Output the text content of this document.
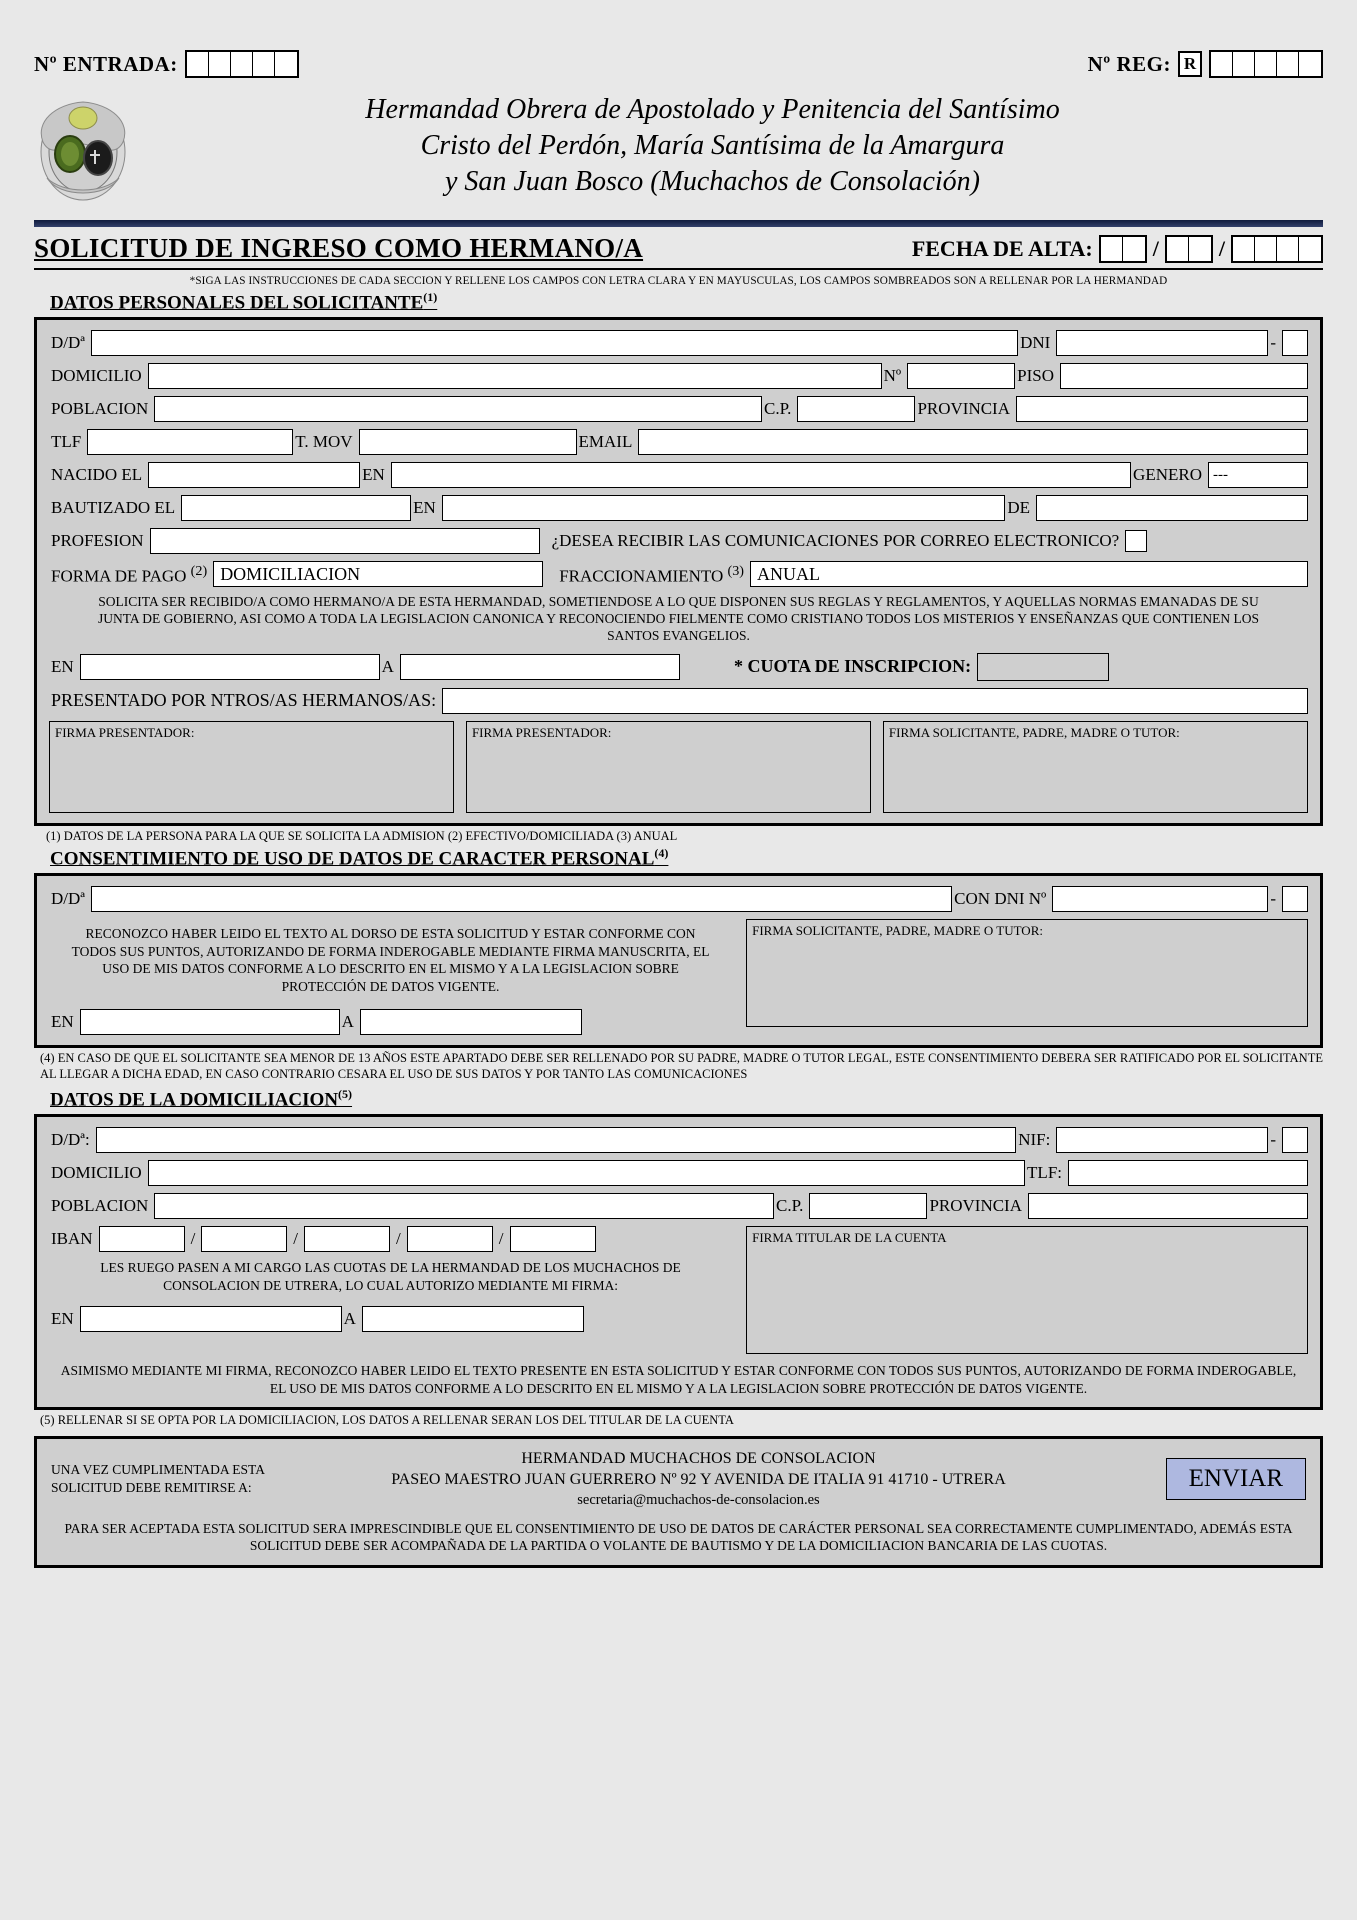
Nº ENTRADA:	Nº REG: R
Hermandad Obrera de Apostolado y Penitencia del Santísimo
Cristo del Perdón, María Santísima de la Amargura
y San Juan Bosco (Muchachos de Consolación)
SOLICITUD DE INGRESO COMO HERMANO/A	FECHA DE ALTA:	/	/
*SIGA LAS INSTRUCCIONES DE CADA SECCION Y RELLENE LOS CAMPOS CON LETRA CLARA Y EN MAYUSCULAS, LOS CAMPOS SOMBREADOS SON A RELLENAR POR LA HERMANDAD
DATOS PERSONALES DEL SOLICITANTE$^{(1)}$
D/Dª	DNI	-
DOMICILIO	Nº	PISO
POBLACION	C.P.	PROVINCIA
TLF	T. MOV	EMAIL
NACIDO EL	EN	GENERO ---
BAUTIZADO EL	EN	DE
PROFESION	¿DESEA RECIBIR LAS COMUNICACIONES POR CORREO ELECTRONICO?
FORMA DE PAGO $^{(2)}$ DOMICILIACION	FRACCIONAMIENTO $^{(3)}$ ANUAL
SOLICITA SER RECIBIDO/A COMO HERMANO/A DE ESTA HERMANDAD, SOMETIENDOSE A LO QUE DISPONEN SUS REGLAS Y REGLAMENTOS, Y AQUELLAS NORMAS EMANADAS DE SU JUNTA DE GOBIERNO, ASI COMO A TODA LA LEGISLACION CANONICA Y RECONOCIENDO FIELMENTE COMO CRISTIANO TODOS LOS MISTERIOS Y ENSEÑANZAS QUE CONTIENEN LOS SANTOS EVANGELIOS.
EN	A	* CUOTA DE INSCRIPCION:
PRESENTADO POR NTROS/AS HERMANOS/AS:
FIRMA PRESENTADOR:	FIRMA PRESENTADOR:	FIRMA SOLICITANTE, PADRE, MADRE O TUTOR:
(1) DATOS DE LA PERSONA PARA LA QUE SE SOLICITA LA ADMISION (2) EFECTIVO/DOMICILIADA (3) ANUAL
CONSENTIMIENTO DE USO DE DATOS DE CARACTER PERSONAL$^{(4)}$
D/Dª	CON DNI Nº	-
RECONOZCO HABER LEIDO EL TEXTO AL DORSO DE ESTA SOLICITUD Y ESTAR CONFORME CON TODOS SUS PUNTOS, AUTORIZANDO DE FORMA INDEROGABLE MEDIANTE FIRMA MANUSCRITA, EL USO DE MIS DATOS CONFORME A LO DESCRITO EN EL MISMO Y A LA LEGISLACION SOBRE PROTECCIÓN DE DATOS VIGENTE.
EN	A
FIRMA SOLICITANTE, PADRE, MADRE O TUTOR:
(4) EN CASO DE QUE EL SOLICITANTE SEA MENOR DE 13 AÑOS ESTE APARTADO DEBE SER RELLENADO POR SU PADRE, MADRE O TUTOR LEGAL, ESTE CONSENTIMIENTO DEBERA SER RATIFICADO POR EL SOLICITANTE AL LLEGAR A DICHA EDAD, EN CASO CONTRARIO CESARA EL USO DE SUS DATOS Y POR TANTO LAS COMUNICACIONES
DATOS DE LA DOMICILIACION$^{(5)}$
D/Dª:	NIF:	-
DOMICILIO	TLF:
POBLACION	C.P.	PROVINCIA
IBAN	/	/	/	/
LES RUEGO PASEN A MI CARGO LAS CUOTAS DE LA HERMANDAD DE LOS MUCHACHOS DE CONSOLACION DE UTRERA, LO CUAL AUTORIZO MEDIANTE MI FIRMA:
EN	A
FIRMA TITULAR DE LA CUENTA
ASIMISMO MEDIANTE MI FIRMA, RECONOZCO HABER LEIDO EL TEXTO PRESENTE EN ESTA SOLICITUD Y ESTAR CONFORME CON TODOS SUS PUNTOS, AUTORIZANDO DE FORMA INDEROGABLE, EL USO DE MIS DATOS CONFORME A LO DESCRITO EN EL MISMO Y A LA LEGISLACION SOBRE PROTECCIÓN DE DATOS VIGENTE.
(5) RELLENAR SI SE OPTA POR LA DOMICILIACION, LOS DATOS A RELLENAR SERAN LOS DEL TITULAR DE LA CUENTA
UNA VEZ CUMPLIMENTADA ESTA
SOLICITUD DEBE REMITIRSE A:
HERMANDAD MUCHACHOS DE CONSOLACION
PASEO MAESTRO JUAN GUERRERO Nº 92 Y AVENIDA DE ITALIA 91 41710 - UTRERA
secretaria@muchachos-de-consolacion.es
ENVIAR
PARA SER ACEPTADA ESTA SOLICITUD SERA IMPRESCINDIBLE QUE EL CONSENTIMIENTO DE USO DE DATOS DE CARÁCTER PERSONAL SEA CORRECTAMENTE CUMPLIMENTADO, ADEMÁS ESTA SOLICITUD DEBE SER ACOMPAÑADA DE LA PARTIDA O VOLANTE DE BAUTISMO Y DE LA DOMICILIACION BANCARIA DE LAS CUOTAS.
